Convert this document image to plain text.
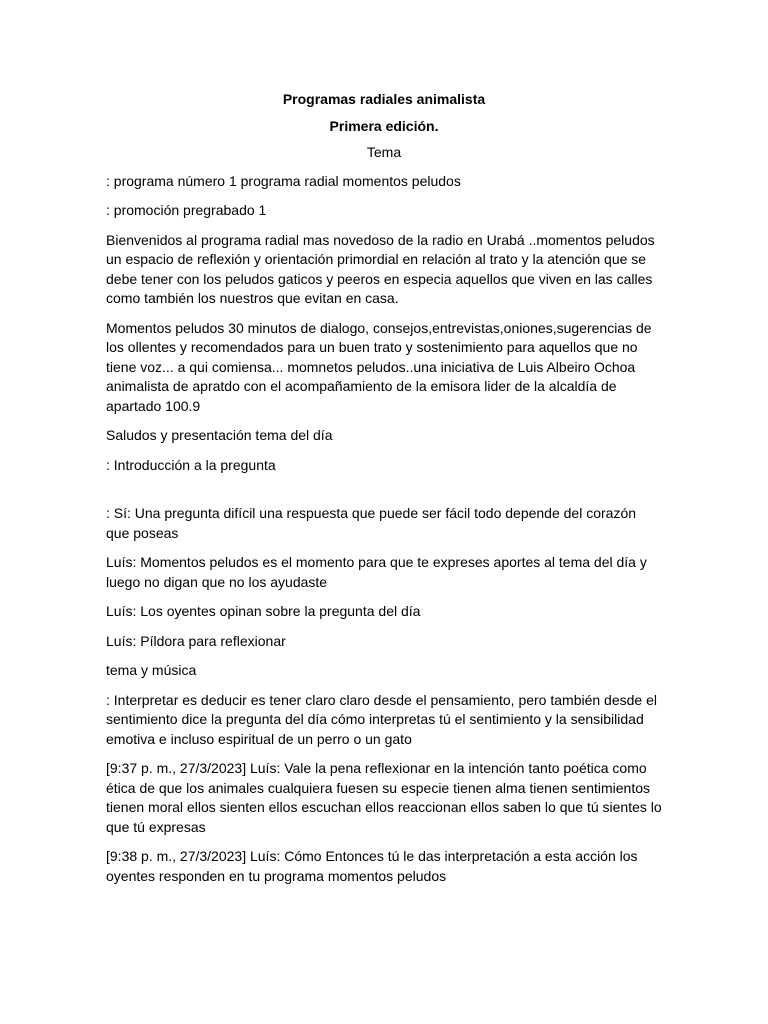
Programas radiales animalista

Primera edición.

Tema

: programa número 1 programa radial momentos peludos

: promoción pregrabado 1

Bienvenidos al programa radial mas novedoso de la radio en Urabá ..momentos peludos un espacio de reflexión y orientación primordial en relación al trato y la atención que se debe tener con los peludos gaticos y peeros en especia aquellos que viven en las calles como también los nuestros que evitan en casa.

Momentos peludos 30 minutos de dialogo, consejos,entrevistas,oniones,sugerencias de los ollentes y recomendados para un buen trato y sostenimiento para aquellos que no tiene voz... a qui comiensa... momnetos peludos..una iniciativa de Luis Albeiro Ochoa animalista de apratdo con el acompañamiento de la emisora lider de la alcaldía de apartado 100.9

Saludos y presentación tema del día

: Introducción a la pregunta

: Sí: Una pregunta difícil una respuesta que puede ser fácil todo depende del corazón que poseas

Luís: Momentos peludos es el momento para que te expreses aportes al tema del día y luego no digan que no los ayudaste

Luís: Los oyentes opinan sobre la pregunta del día

Luís: Píldora para reflexionar

tema y música

: Interpretar es deducir es tener claro claro desde el pensamiento, pero también desde el sentimiento dice la pregunta del día cómo interpretas tú el sentimiento y la sensibilidad emotiva e incluso espiritual de un perro o un gato

[9:37 p. m., 27/3/2023] Luís: Vale la pena reflexionar en la intención tanto poética como ética de que los animales cualquiera fuesen su especie tienen alma tienen sentimientos tienen moral ellos sienten ellos escuchan ellos reaccionan ellos saben lo que tú sientes lo que tú expresas

[9:38 p. m., 27/3/2023] Luís: Cómo Entonces tú le das interpretación a esta acción los oyentes responden en tu programa momentos peludos
